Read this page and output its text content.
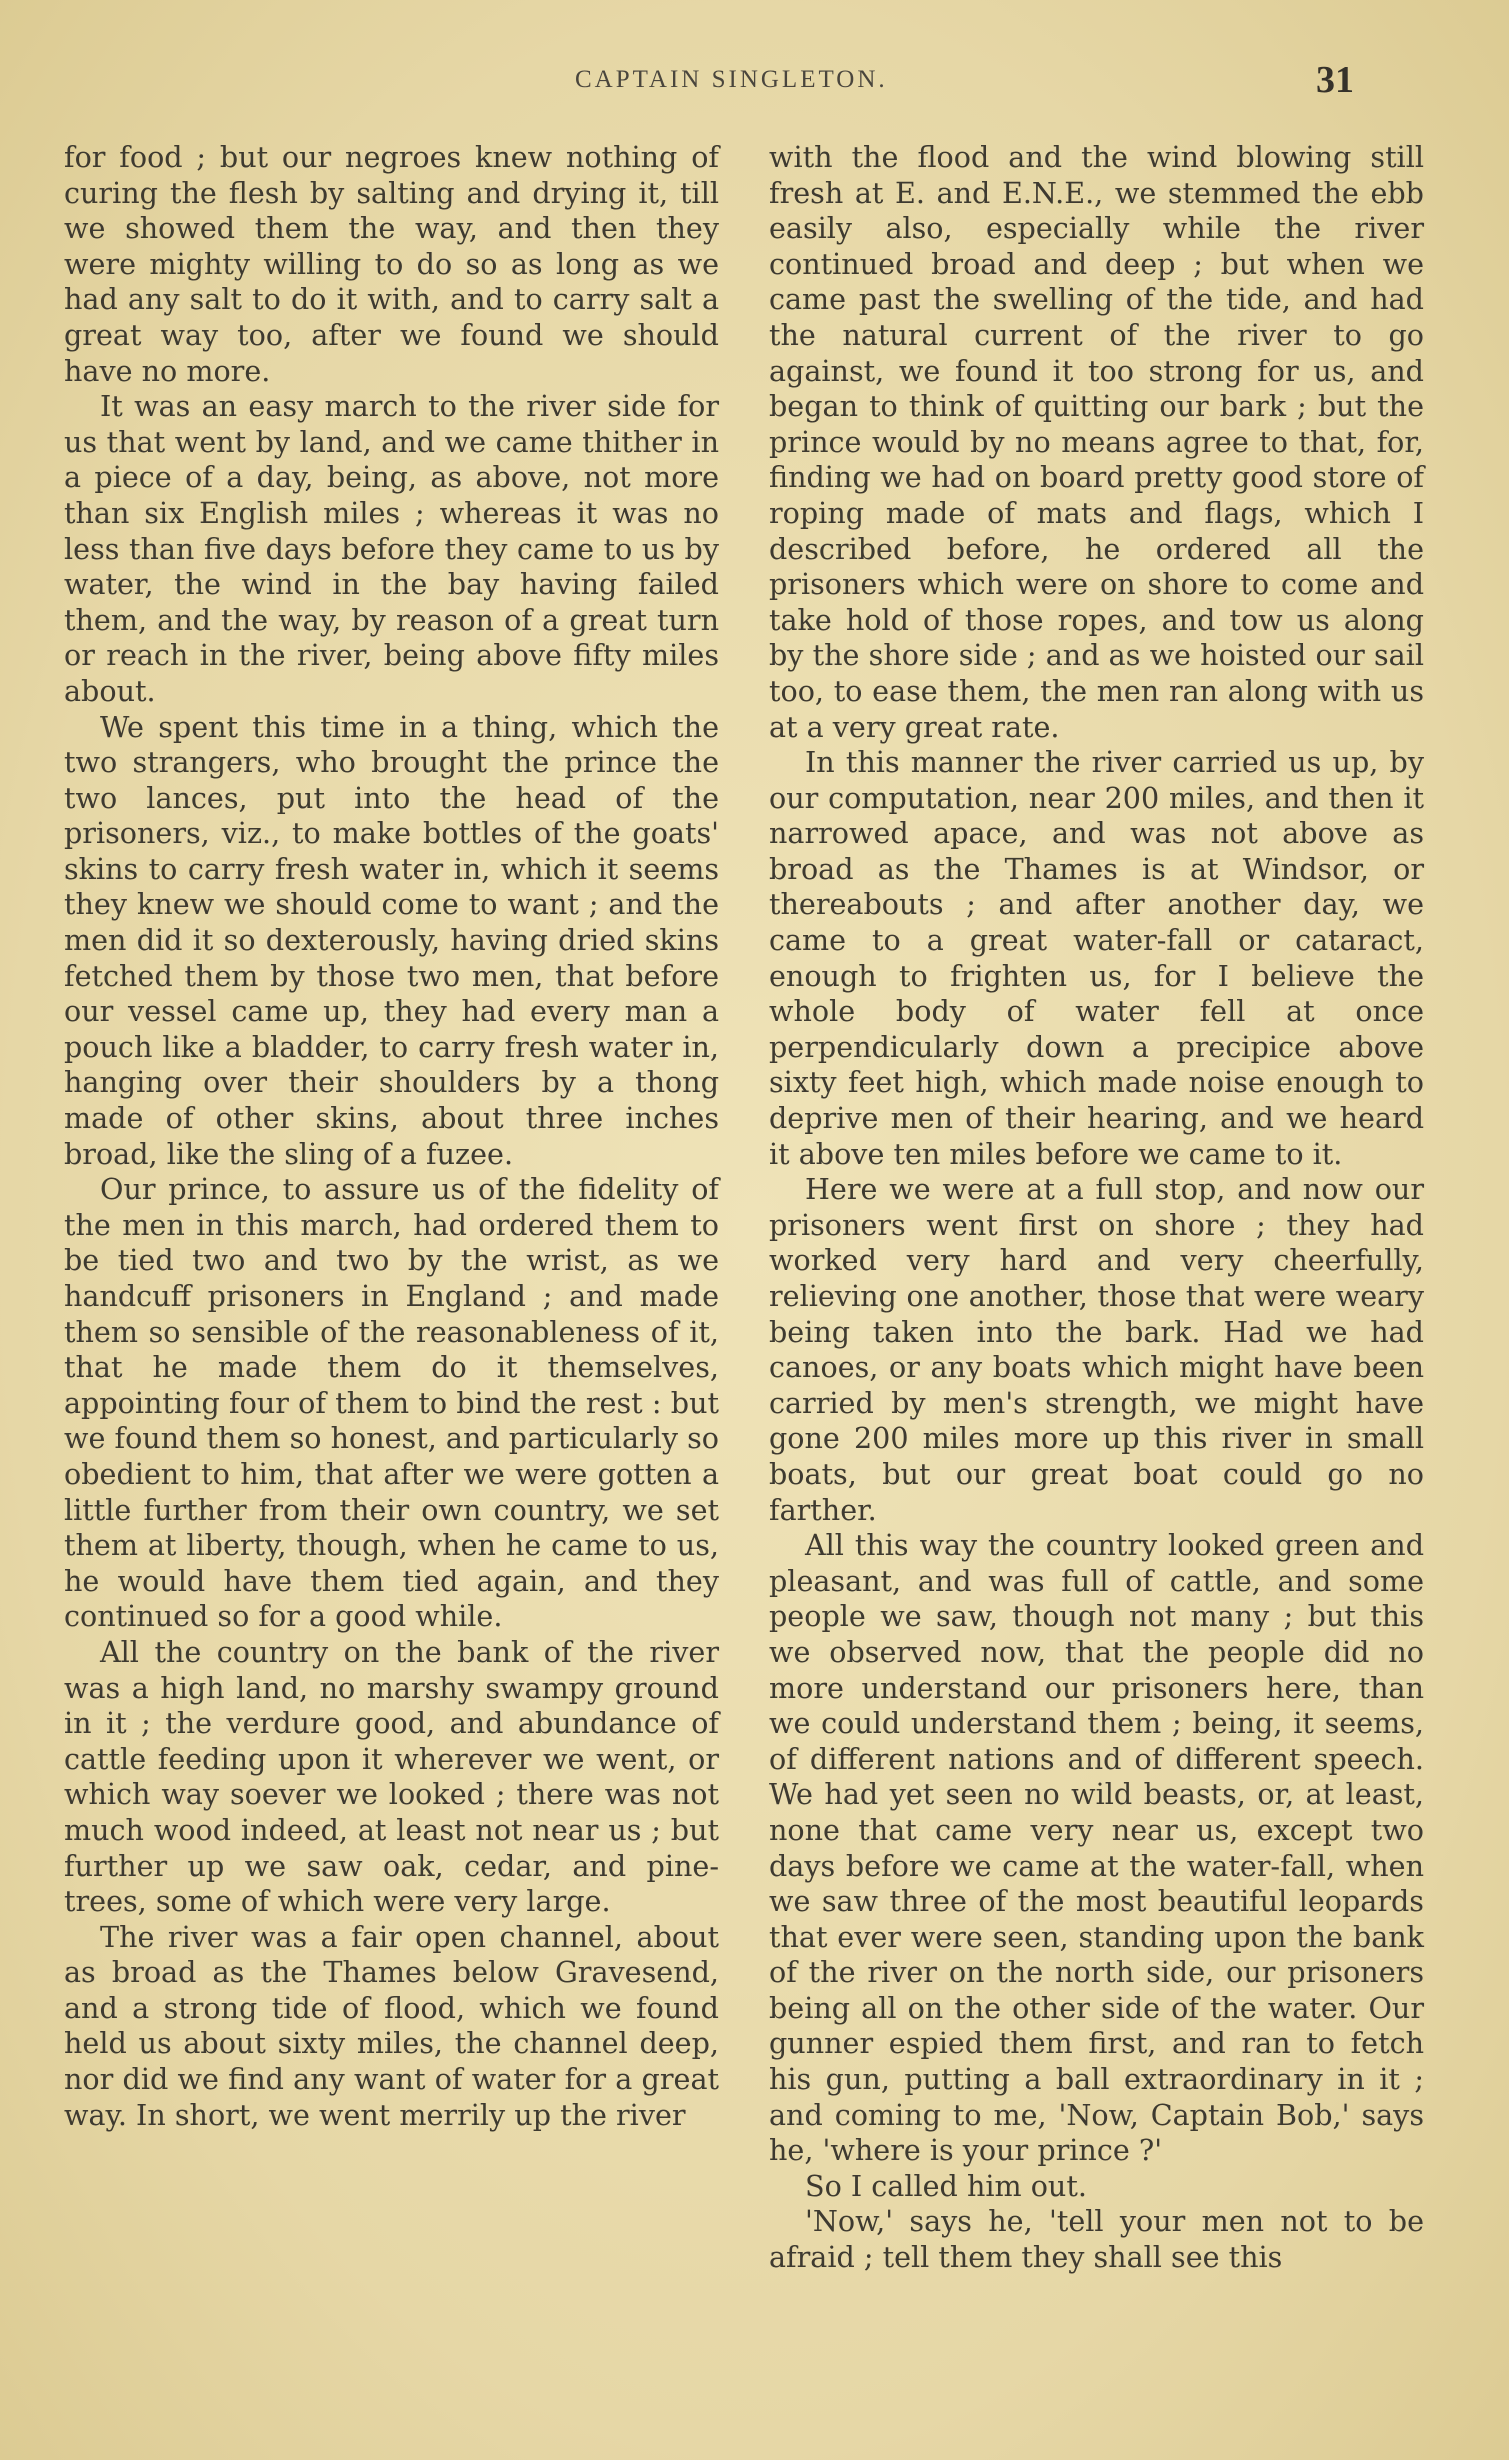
CAPTAIN SINGLETON.	31

for food ; but our negroes knew nothing of curing the flesh by salting and drying it, till we showed them the way, and then they were mighty willing to do so as long as we had any salt to do it with, and to carry salt a great way too, after we found we should have no more.

It was an easy march to the river side for us that went by land, and we came thither in a piece of a day, being, as above, not more than six English miles ; whereas it was no less than five days before they came to us by water, the wind in the bay having failed them, and the way, by reason of a great turn or reach in the river, being above fifty miles about.

We spent this time in a thing, which the two strangers, who brought the prince the two lances, put into the head of the prisoners, viz., to make bottles of the goats' skins to carry fresh water in, which it seems they knew we should come to want ; and the men did it so dexterously, having dried skins fetched them by those two men, that before our vessel came up, they had every man a pouch like a bladder, to carry fresh water in, hanging over their shoulders by a thong made of other skins, about three inches broad, like the sling of a fuzee.

Our prince, to assure us of the fidelity of the men in this march, had ordered them to be tied two and two by the wrist, as we handcuff prisoners in England ; and made them so sensible of the reasonableness of it, that he made them do it themselves, appointing four of them to bind the rest : but we found them so honest, and particularly so obedient to him, that after we were gotten a little further from their own country, we set them at liberty, though, when he came to us, he would have them tied again, and they continued so for a good while.

All the country on the bank of the river was a high land, no marshy swampy ground in it ; the verdure good, and abundance of cattle feeding upon it wherever we went, or which way soever we looked ; there was not much wood indeed, at least not near us ; but further up we saw oak, cedar, and pine-trees, some of which were very large.

The river was a fair open channel, about as broad as the Thames below Gravesend, and a strong tide of flood, which we found held us about sixty miles, the channel deep, nor did we find any want of water for a great way. In short, we went merrily up the river

with the flood and the wind blowing still fresh at E. and E.N.E., we stemmed the ebb easily also, especially while the river continued broad and deep ; but when we came past the swelling of the tide, and had the natural current of the river to go against, we found it too strong for us, and began to think of quitting our bark ; but the prince would by no means agree to that, for, finding we had on board pretty good store of roping made of mats and flags, which I described before, he ordered all the prisoners which were on shore to come and take hold of those ropes, and tow us along by the shore side ; and as we hoisted our sail too, to ease them, the men ran along with us at a very great rate.

In this manner the river carried us up, by our computation, near 200 miles, and then it narrowed apace, and was not above as broad as the Thames is at Windsor, or thereabouts ; and after another day, we came to a great water-fall or cataract, enough to frighten us, for I believe the whole body of water fell at once perpendicularly down a precipice above sixty feet high, which made noise enough to deprive men of their hearing, and we heard it above ten miles before we came to it.

Here we were at a full stop, and now our prisoners went first on shore ; they had worked very hard and very cheerfully, relieving one another, those that were weary being taken into the bark. Had we had canoes, or any boats which might have been carried by men's strength, we might have gone 200 miles more up this river in small boats, but our great boat could go no farther.

All this way the country looked green and pleasant, and was full of cattle, and some people we saw, though not many ; but this we observed now, that the people did no more understand our prisoners here, than we could understand them ; being, it seems, of different nations and of different speech. We had yet seen no wild beasts, or, at least, none that came very near us, except two days before we came at the water-fall, when we saw three of the most beautiful leopards that ever were seen, standing upon the bank of the river on the north side, our prisoners being all on the other side of the water. Our gunner espied them first, and ran to fetch his gun, putting a ball extraordinary in it ; and coming to me, 'Now, Captain Bob,' says he, 'where is your prince ?'

So I called him out.

'Now,' says he, 'tell your men not to be afraid ; tell them they shall see this
